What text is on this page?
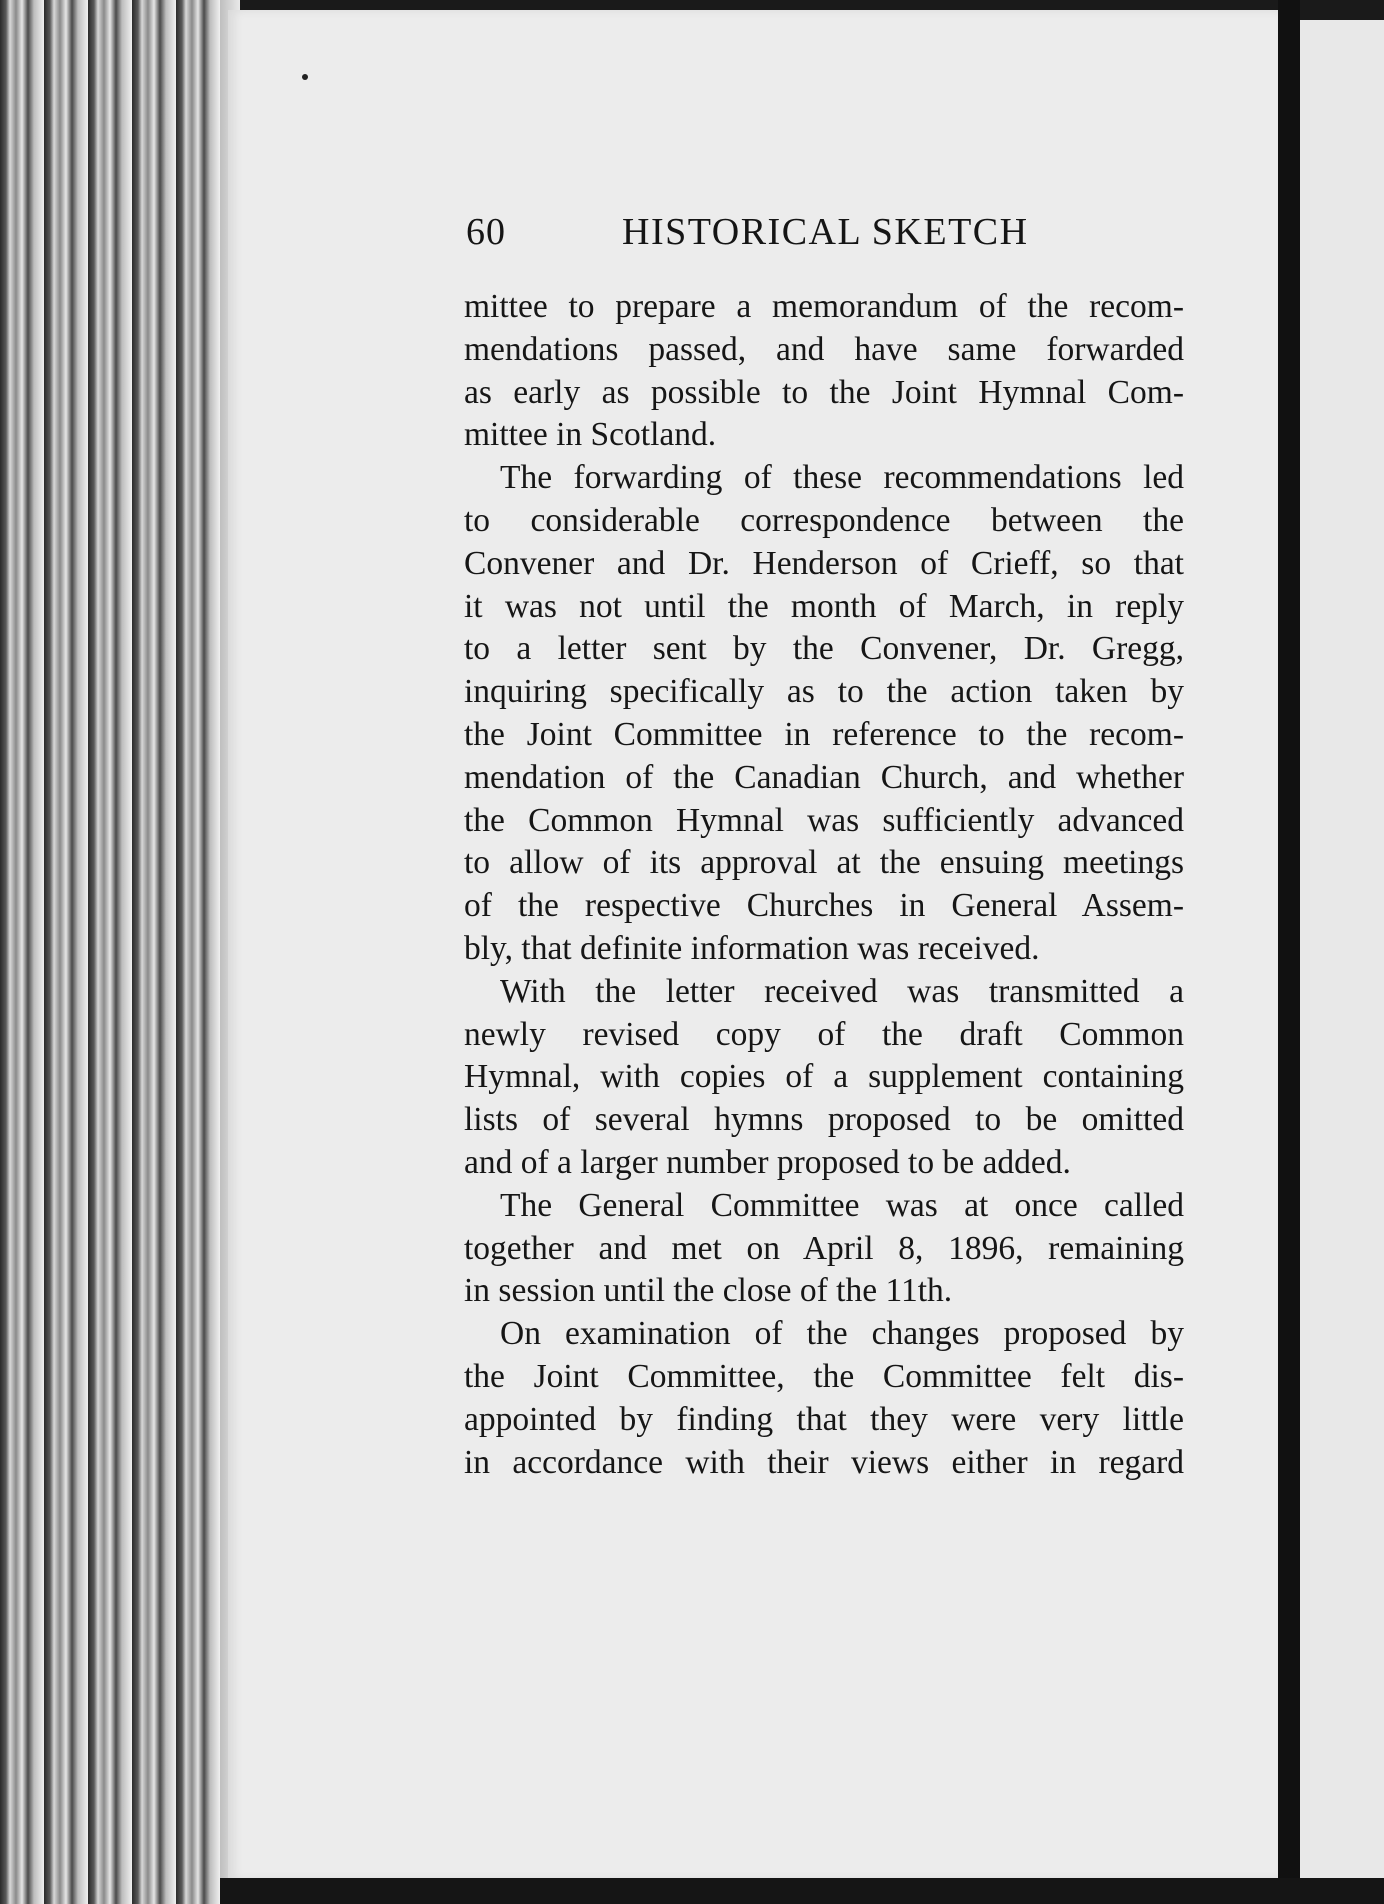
60	HISTORICAL SKETCH
mittee to prepare a memorandum of the recom-
mendations passed, and have same forwarded
as early as possible to the Joint Hymnal Com-
mittee in Scotland.
The forwarding of these recommendations led
to considerable correspondence between the
Convener and Dr. Henderson of Crieff, so that
it was not until the month of March, in reply
to a letter sent by the Convener, Dr. Gregg,
inquiring specifically as to the action taken by
the Joint Committee in reference to the recom-
mendation of the Canadian Church, and whether
the Common Hymnal was sufficiently advanced
to allow of its approval at the ensuing meetings
of the respective Churches in General Assem-
bly, that definite information was received.
With the letter received was transmitted a
newly revised copy of the draft Common
Hymnal, with copies of a supplement containing
lists of several hymns proposed to be omitted
and of a larger number proposed to be added.
The General Committee was at once called
together and met on April 8, 1896, remaining
in session until the close of the 11th.
On examination of the changes proposed by
the Joint Committee, the Committee felt dis-
appointed by finding that they were very little
in accordance with their views either in regard
